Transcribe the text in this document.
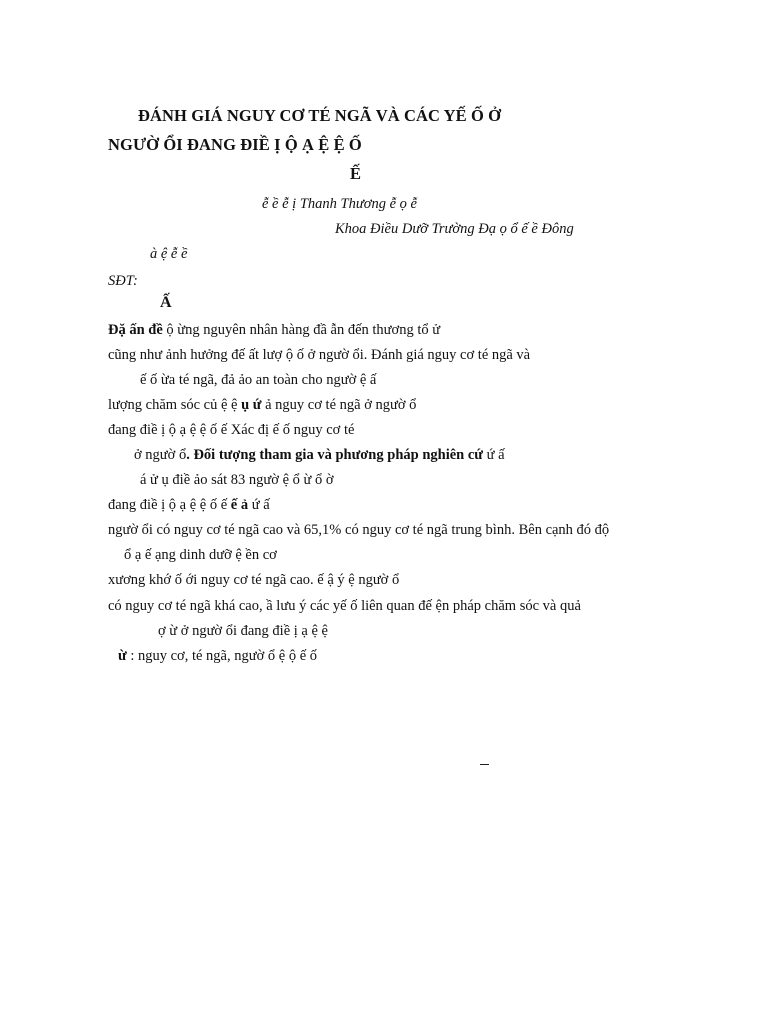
ĐÁNH GIÁ NGUY CƠ TÉ NGÃ VÀ CÁC YẾ Ố Ở
NGƯỜ ỔI ĐANG ĐIỀ Ị Ộ Ạ Ệ Ệ Ố
Ế
ễ ề ễ ị Thanh Thương ễ ọ ễ
Khoa Điều Dưỡ Trường Đạ ọ ổ ế ề Đông
à ệ ễ ề
SĐT:
Ấ
Đặ ấn đề ộ ừng nguyên nhân hàng đầ ẫn đến thương tổ ử
cũng như ảnh hưởng đế ất lượ ộ ố ở ngườ ổi. Đánh giá nguy cơ té ngã và
ế ố ừa té ngã, đả ảo an toàn cho ngườ ệ ấ
lượng chăm sóc củ ệ ệ ụ ứ ả nguy cơ té ngã ở ngườ ổ
đang điề ị ộ ạ ệ ệ ố ế Xác đị ế ố nguy cơ té
ở ngườ ổ. Đối tượng tham gia và phương pháp nghiên cứ ứ ấ
á ử ụ điề ảo sát 83 ngườ ệ ổ ừ ổ ờ
đang điề ị ộ ạ ệ ệ ố ế ế ả ứ ấ
ngườ ổi có nguy cơ té ngã cao và 65,1% có nguy cơ té ngã trung bình. Bên cạnh đó độ
ổ ạ ế ạng dinh dưỡ ệ ền cơ
xương khớ ố ới nguy cơ té ngã cao. ế ậ ý ệ ngườ ổ
có nguy cơ té ngã khá cao, ầ lưu ý các yế ố liên quan đế ện pháp chăm sóc và quả
ợ ừ ở ngườ ổi đang điề ị ạ ệ ệ
ừ : nguy cơ, té ngã, ngườ ổ ệ ộ ế ố
